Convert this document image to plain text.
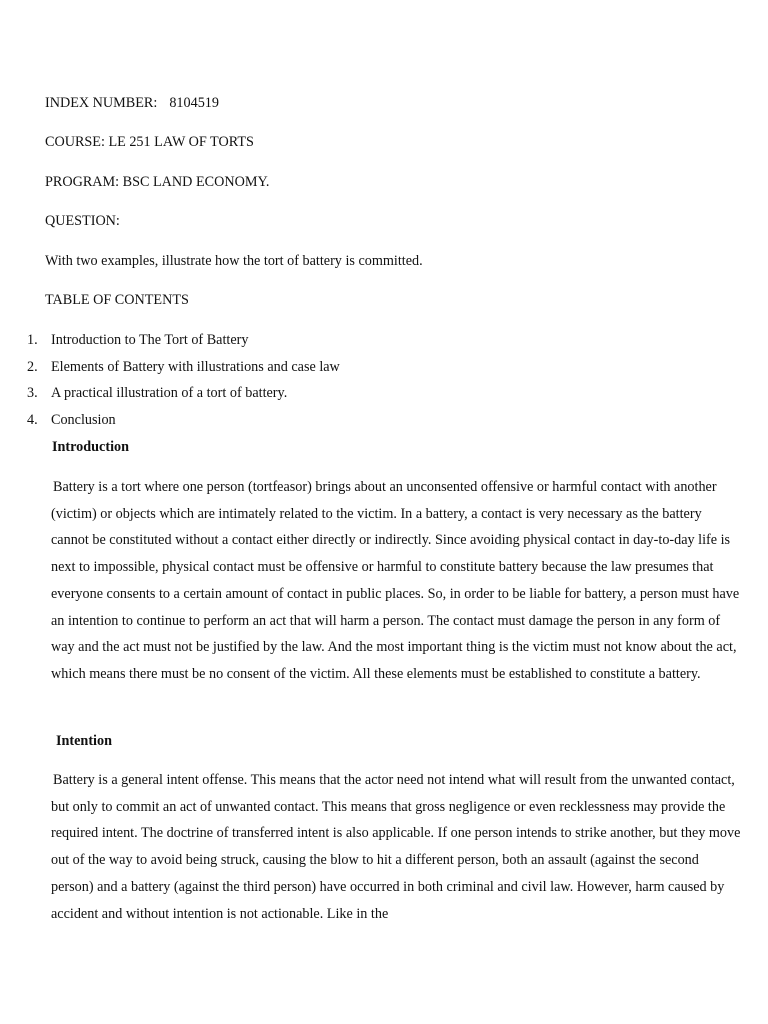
INDEX NUMBER: 8104519

COURSE: LE 251 LAW OF TORTS

PROGRAM: BSC LAND ECONOMY.

QUESTION:

With two examples, illustrate how the tort of battery is committed.

TABLE OF CONTENTS

1. Introduction to The Tort of Battery
2. Elements of Battery with illustrations and case law
3. A practical illustration of a tort of battery.
4. Conclusion
Introduction

Battery is a tort where one person (tortfeasor) brings about an unconsented offensive or harmful contact with another (victim) or objects which are intimately related to the victim. In a battery, a contact is very necessary as the battery cannot be constituted without a contact either directly or indirectly. Since avoiding physical contact in day-to-day life is next to impossible, physical contact must be offensive or harmful to constitute battery because the law presumes that everyone consents to a certain amount of contact in public places. So, in order to be liable for battery, a person must have an intention to continue to perform an act that will harm a person. The contact must damage the person in any form of way and the act must not be justified by the law. And the most important thing is the victim must not know about the act, which means there must be no consent of the victim. All these elements must be established to constitute a battery.

Intention

Battery is a general intent offense. This means that the actor need not intend what will result from the unwanted contact, but only to commit an act of unwanted contact. This means that gross negligence or even recklessness may provide the required intent. The doctrine of transferred intent is also applicable. If one person intends to strike another, but they move out of the way to avoid being struck, causing the blow to hit a different person, both an assault (against the second person) and a battery (against the third person) have occurred in both criminal and civil law. However, harm caused by accident and without intention is not actionable. Like in the
